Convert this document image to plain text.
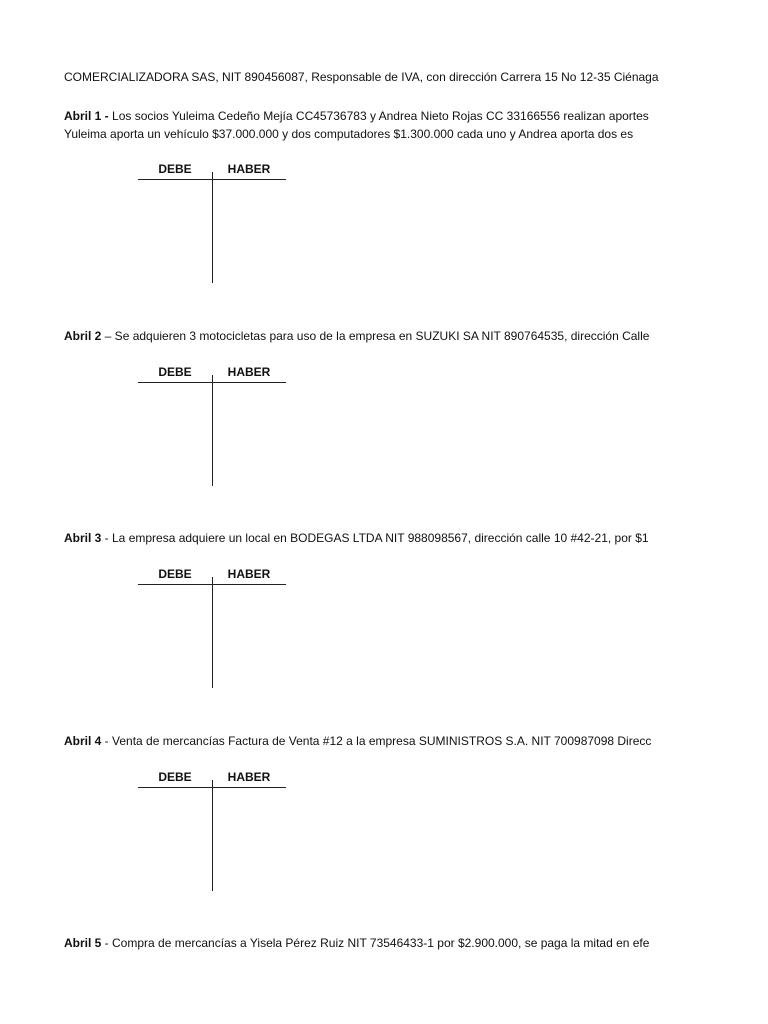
COMERCIALIZADORA SAS, NIT 890456087, Responsable de IVA, con dirección Carrera 15 No 12-35 Ciénaga
Abril 1 - Los socios Yuleima Cedeño Mejía CC45736783 y Andrea Nieto Rojas CC 33166556 realizan aportes
Yuleima aporta un vehículo $37.000.000 y dos computadores $1.300.000 cada uno y Andrea aporta dos es
DEBE	HABER
Abril 2 – Se adquieren 3 motocicletas para uso de la empresa en SUZUKI SA NIT 890764535, dirección Calle
DEBE	HABER
Abril 3 - La empresa adquiere un local en BODEGAS LTDA NIT 988098567, dirección calle 10 #42-21, por $1
DEBE	HABER
Abril 4 - Venta de mercancías Factura de Venta #12 a la empresa SUMINISTROS S.A. NIT 700987098 Direcc
DEBE	HABER
Abril 5 - Compra de mercancías a Yisela Pérez Ruiz NIT 73546433-1 por $2.900.000, se paga la mitad en efe
